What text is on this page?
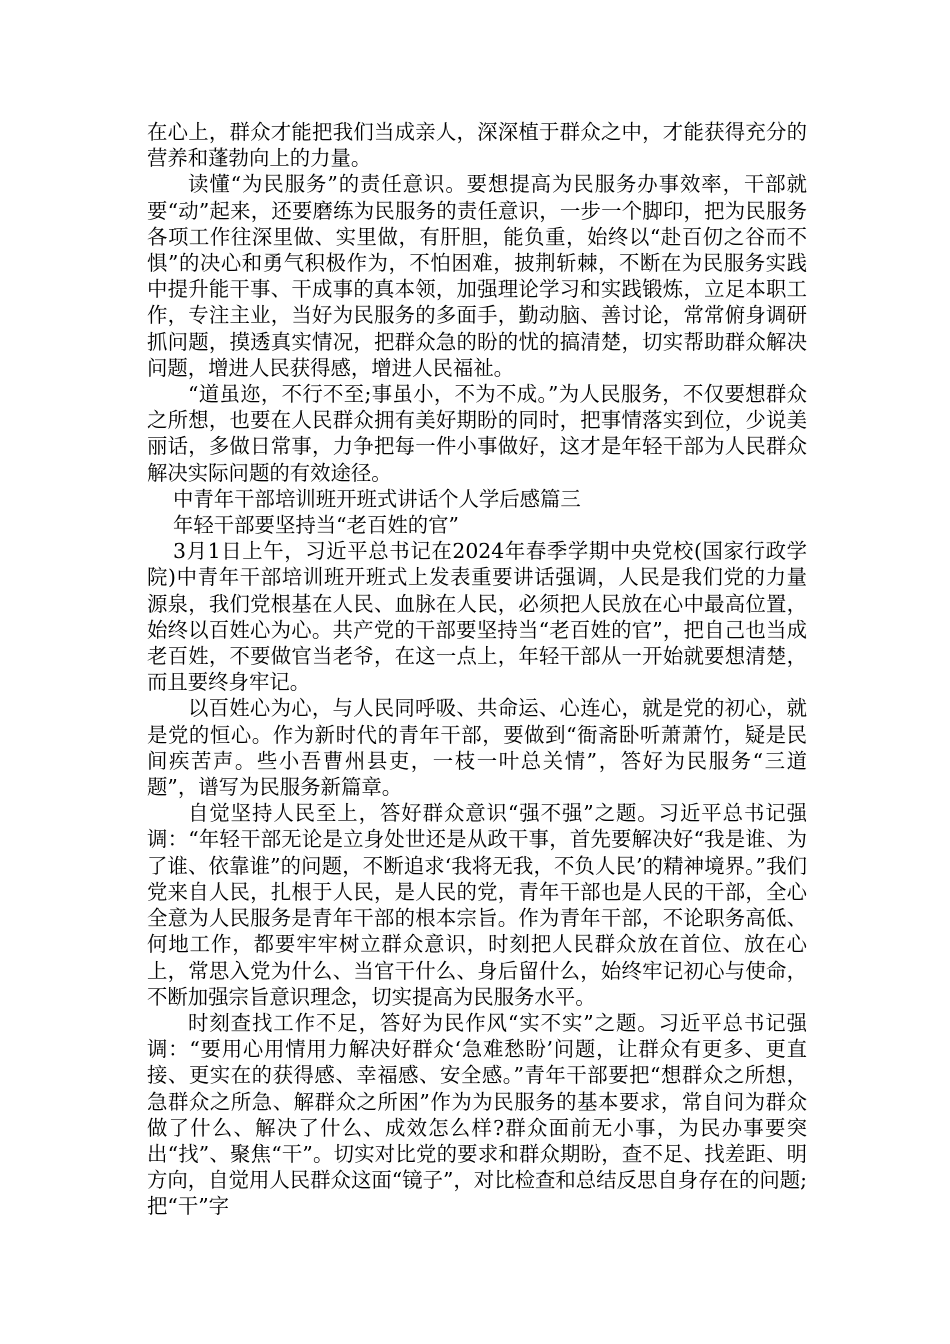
在心上，群众才能把我们当成亲人，深深植于群众之中，才能获得充分的营养和蓬勃向上的力量。

读懂“为民服务”的责任意识。要想提高为民服务办事效率，干部就要“动”起来，还要磨练为民服务的责任意识，一步一个脚印，把为民服务各项工作往深里做、实里做，有肝胆，能负重，始终以“赴百仞之谷而不惧”的决心和勇气积极作为，不怕困难，披荆斩棘，不断在为民服务实践中提升能干事、干成事的真本领，加强理论学习和实践锻炼，立足本职工作，专注主业，当好为民服务的多面手，勤动脑、善讨论，常常俯身调研抓问题，摸透真实情况，把群众急的盼的忧的搞清楚，切实帮助群众解决问题，增进人民获得感，增进人民福祉。

“道虽迩，不行不至;事虽小，不为不成。”为人民服务，不仅要想群众之所想，也要在人民群众拥有美好期盼的同时，把事情落实到位，少说美丽话，多做日常事，力争把每一件小事做好，这才是年轻干部为人民群众解决实际问题的有效途径。

中青年干部培训班开班式讲话个人学后感篇三

年轻干部要坚持当“老百姓的官”

3月1日上午，习近平总书记在2024年春季学期中央党校(国家行政学院)中青年干部培训班开班式上发表重要讲话强调，人民是我们党的力量源泉，我们党根基在人民、血脉在人民，必须把人民放在心中最高位置，始终以百姓心为心。共产党的干部要坚持当“老百姓的官”，把自己也当成老百姓，不要做官当老爷，在这一点上，年轻干部从一开始就要想清楚，而且要终身牢记。

以百姓心为心，与人民同呼吸、共命运、心连心，就是党的初心，就是党的恒心。作为新时代的青年干部，要做到“衙斋卧听萧萧竹，疑是民间疾苦声。些小吾曹州县吏，一枝一叶总关情”，答好为民服务“三道题”，谱写为民服务新篇章。

自觉坚持人民至上，答好群众意识“强不强”之题。习近平总书记强调：“年轻干部无论是立身处世还是从政干事，首先要解决好“我是谁、为了谁、依靠谁”的问题，不断追求‘我将无我，不负人民’的精神境界。”我们党来自人民，扎根于人民，是人民的党，青年干部也是人民的干部，全心全意为人民服务是青年干部的根本宗旨。作为青年干部，不论职务高低、何地工作，都要牢牢树立群众意识，时刻把人民群众放在首位、放在心上，常思入党为什么、当官干什么、身后留什么，始终牢记初心与使命，不断加强宗旨意识理念，切实提高为民服务水平。

时刻查找工作不足，答好为民作风“实不实”之题。习近平总书记强调：“要用心用情用力解决好群众‘急难愁盼’问题，让群众有更多、更直接、更实在的获得感、幸福感、安全感。”青年干部要把“想群众之所想，急群众之所急、解群众之所困”作为为民服务的基本要求，常自问为群众做了什么、解决了什么、成效怎么样?群众面前无小事，为民办事要突出“找”、聚焦“干”。切实对比党的要求和群众期盼，查不足、找差距、明方向，自觉用人民群众这面“镜子”，对比检查和总结反思自身存在的问题;把“干”字
